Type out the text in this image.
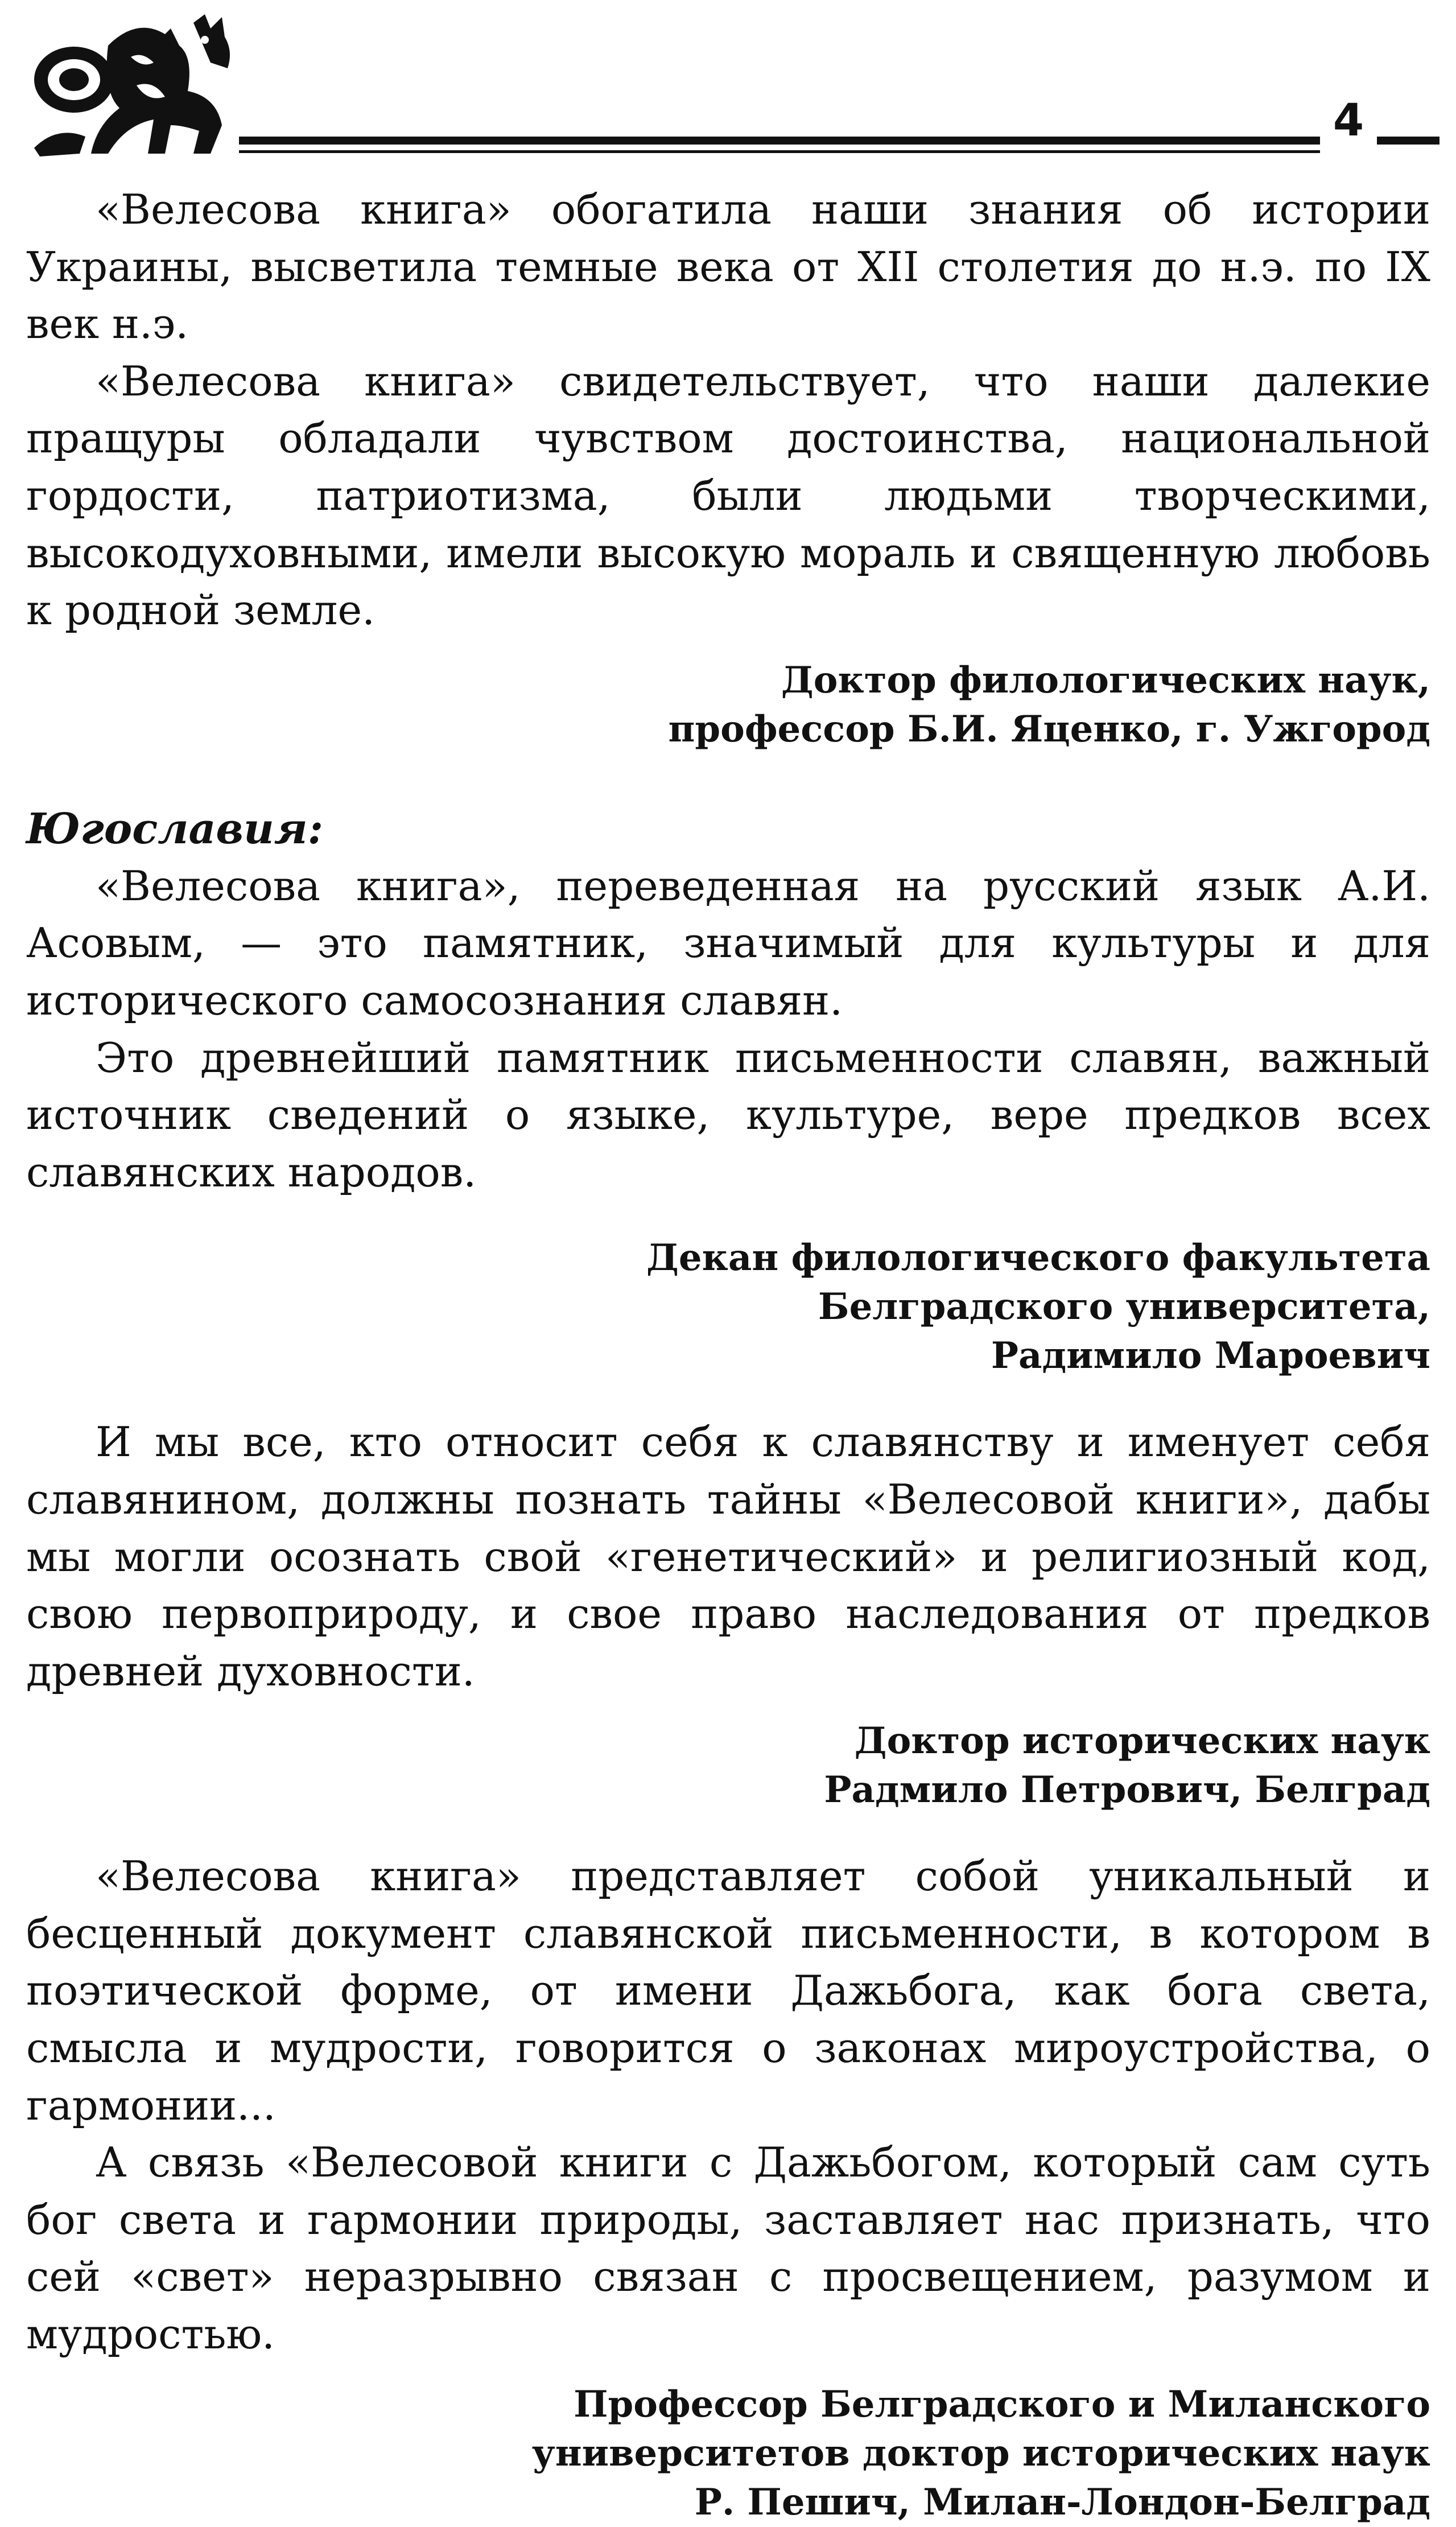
4

«Велесова книга» обогатила наши знания об истории Украины, высветила темные века от XII столетия до н.э. по IX век н.э.

«Велесова книга» свидетельствует, что наши далекие пращуры обладали чувством достоинства, национальной гордости, патриотизма, были людьми творческими, высокодуховными, имели высокую мораль и священную любовь к родной земле.

Доктор филологических наук,

профессор Б.И. Яценко, г. Ужгород

Югославия:

«Велесова книга», переведенная на русский язык А.И. Асовым, — это памятник, значимый для культуры и для исторического самосознания славян.

Это древнейший памятник письменности славян, важный источник сведений о языке, культуре, вере предков всех славянских народов.

Декан филологического факультета

Белградского университета,

Радимило Мароевич

И мы все, кто относит себя к славянству и именует себя славянином, должны познать тайны «Велесовой книги», дабы мы могли осознать свой «генетический» и религиозный код, свою первоприроду, и свое право наследования от предков древней духовности.

Доктор исторических наук

Радмило Петрович, Белград

«Велесова книга» представляет собой уникальный и бесценный документ славянской письменности, в котором в поэтической форме, от имени Дажьбога, как бога света, смысла и мудрости, говорится о законах мироустройства, о гармонии...

А связь «Велесовой книги с Дажьбогом, который сам суть бог света и гармонии природы, заставляет нас признать, что сей «свет» неразрывно связан с просвещением, разумом и мудростью.

Профессор Белградского и Миланского

университетов доктор исторических наук

Р. Пешич, Милан-Лондон-Белград
